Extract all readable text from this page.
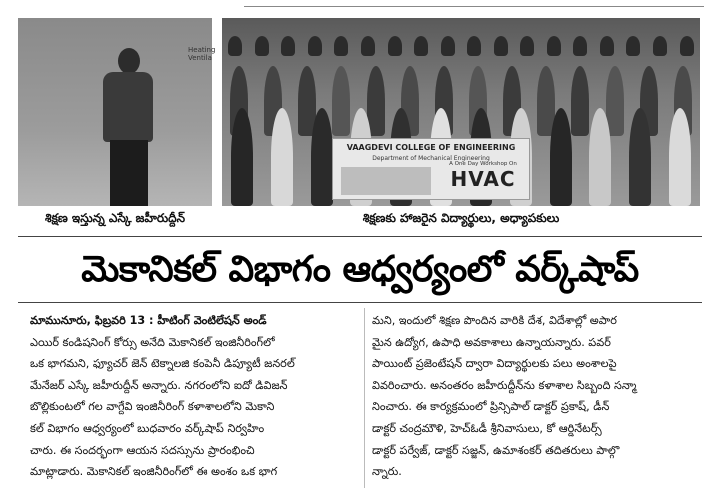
Heating Ventila
VAAGDEVI COLLEGE OF ENGINEERING
Department of Mechanical Engineering
A One Day Workshop On
HVAC
శిక్షణ ఇస్తున్న ఎస్కే జహీరుద్దీన్	శిక్షణకు హాజరైన విద్యార్థులు, అధ్యాపకులు
మెకానికల్ విభాగం ఆధ్వర్యంలో వర్క్‌షాప్

మామునూరు, ఫిబ్రవరి 13 : హీటింగ్ వెంటిలేషన్ అండ్

ఎయిర్ కండిషనింగ్ కోర్సు అనేది మెకానికల్ ఇంజినీరింగ్‌లో

ఒక భాగమని, ఫ్యూచర్ జెన్ టెక్నాలజి కంపెనీ డిప్యూటీ జనరల్

మేనేజర్ ఎస్కే జహీరుద్దీన్ అన్నారు. నగరంలోని ఐదో డివిజన్

బొల్లికుంటలో గల వాగ్దేవి ఇంజినీరింగ్ కళాశాలలోని మెకాని

కల్ విభాగం ఆధ్వర్యంలో బుధవారం వర్క్‌షాప్ నిర్వహిం

చారు. ఈ సందర్భంగా ఆయన సదస్సును ప్రారంభించి

మాట్లాడారు. మెకానికల్ ఇంజినీరింగ్‌లో ఈ అంశం ఒక భాగ

మని, ఇందులో శిక్షణ పొందిన వారికి దేశ, విదేశాల్లో అపార

మైన ఉద్యోగ, ఉపాధి అవకాశాలు ఉన్నాయన్నారు. పవర్

పాయింట్ ప్రజెంటేషన్ ద్వారా విద్యార్థులకు పలు అంశాలపై

వివరించారు. అనంతరం జహీరుద్దీన్‌ను కళాశాల సిబ్బంది సన్మా

నించారు. ఈ కార్యక్రమంలో ప్రిన్సిపాల్ డాక్టర్ ప్రకాష్, డీన్

డాక్టర్ చంద్రమౌళి, హెచ్‌ఓడీ శ్రీనివాసులు, కో ఆర్డినేటర్స్

డాక్టర్ పర్వేజ్, డాక్టర్ సజ్జన్, ఉమాశంకర్ తదితరులు పాల్గొ

న్నారు.
